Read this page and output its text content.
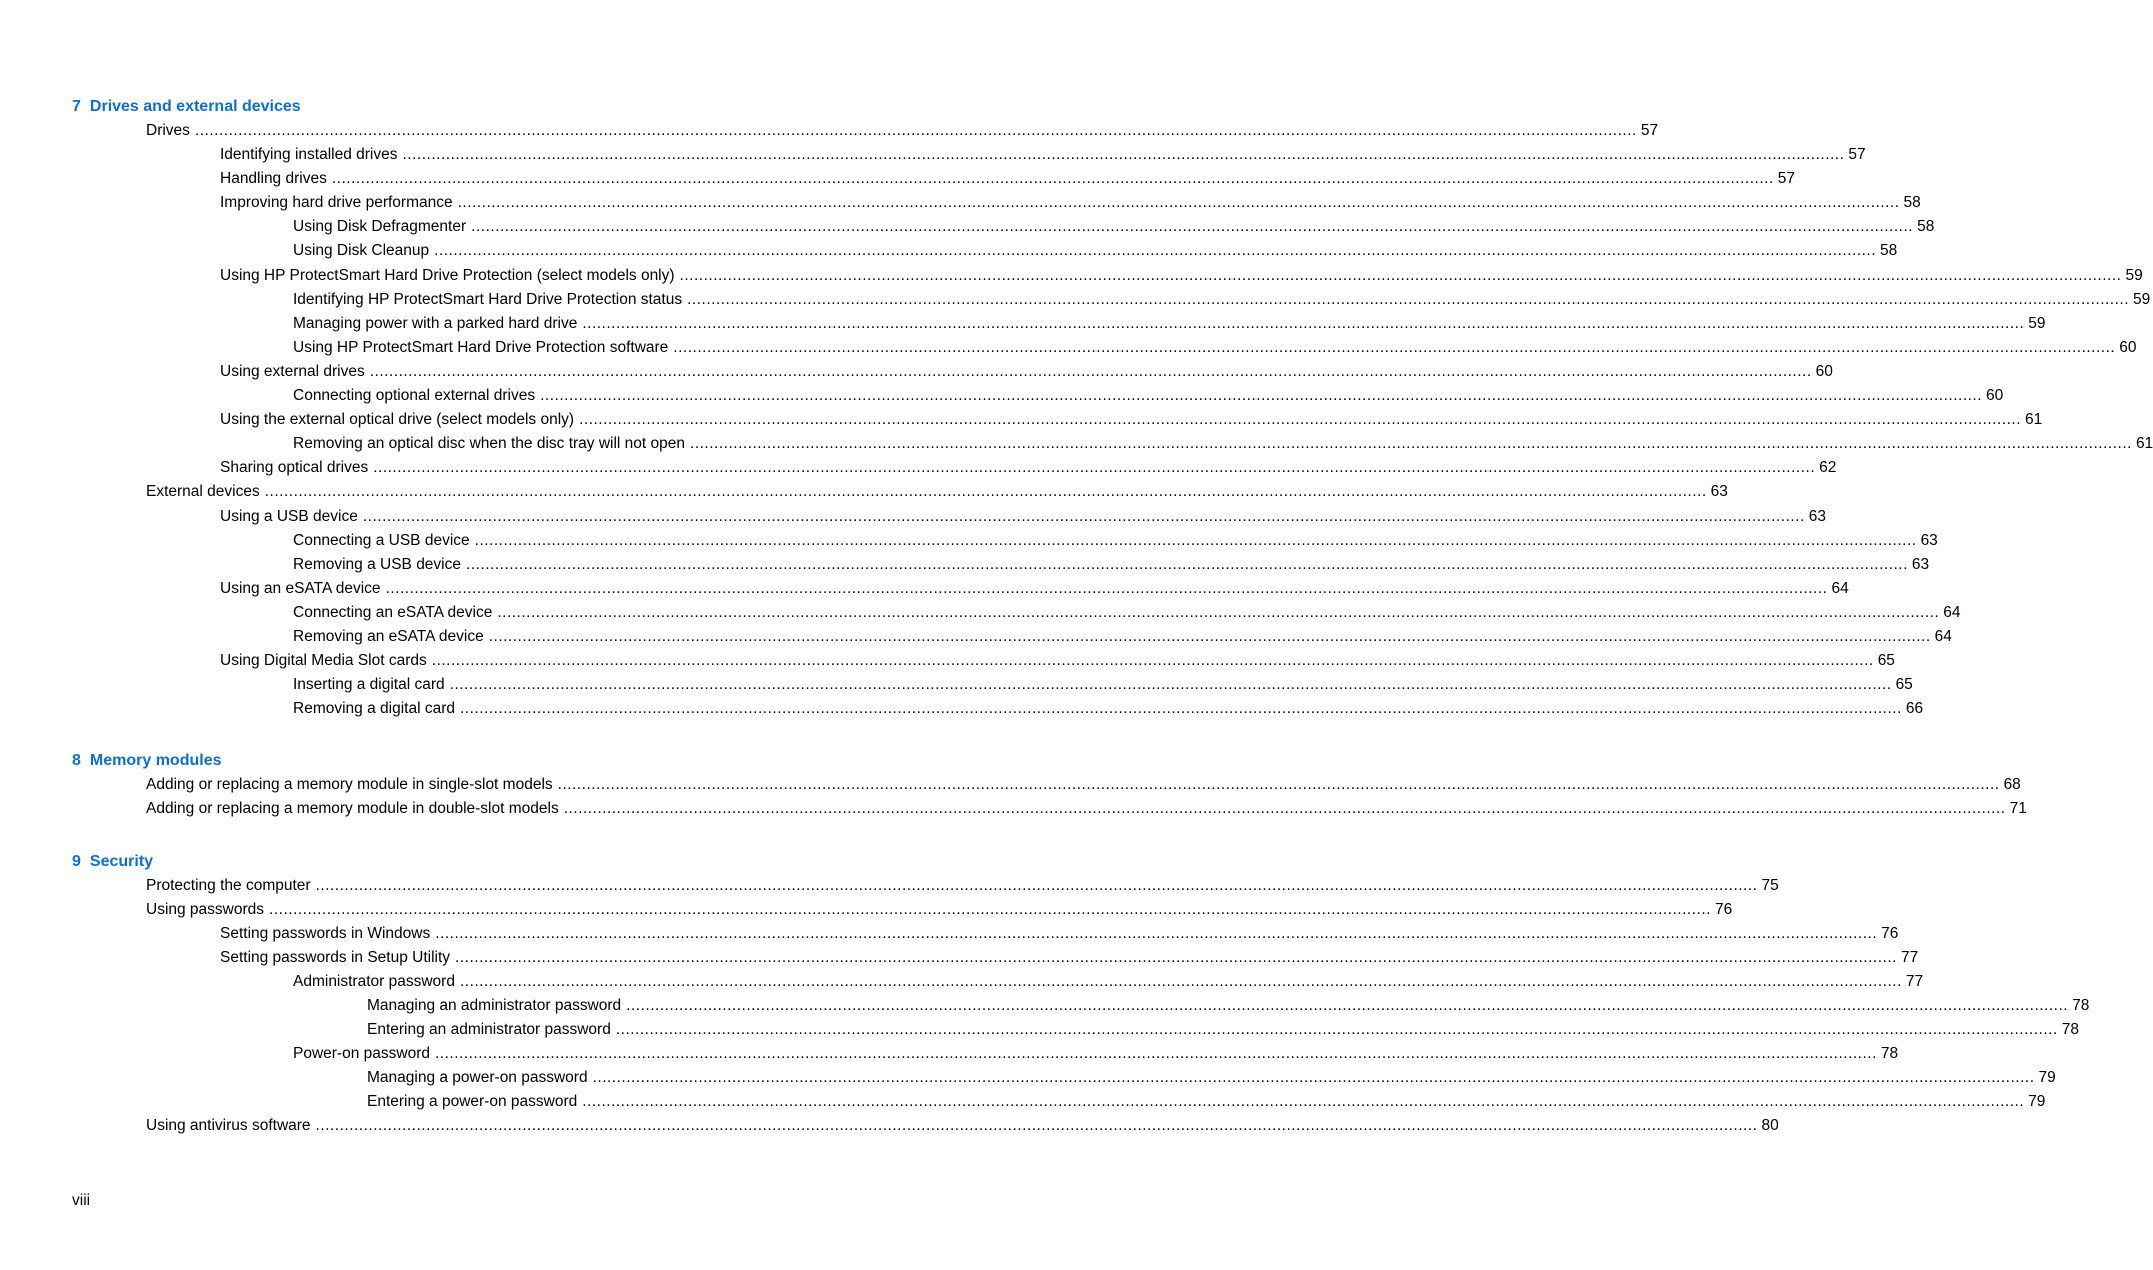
7 Drives and external devices
Drives ............................................................................................................................................................................................................................................................................................................ 57
Identifying installed drives ............................................................................................................................................................................................................................................................................................................ 57
Handling drives ............................................................................................................................................................................................................................................................................................................ 57
Improving hard drive performance ............................................................................................................................................................................................................................................................................................................ 58
Using Disk Defragmenter ............................................................................................................................................................................................................................................................................................................ 58
Using Disk Cleanup ............................................................................................................................................................................................................................................................................................................ 58
Using HP ProtectSmart Hard Drive Protection (select models only) ............................................................................................................................................................................................................................................................................................................ 59
Identifying HP ProtectSmart Hard Drive Protection status ............................................................................................................................................................................................................................................................................................................ 59
Managing power with a parked hard drive ............................................................................................................................................................................................................................................................................................................ 59
Using HP ProtectSmart Hard Drive Protection software ............................................................................................................................................................................................................................................................................................................ 60
Using external drives ............................................................................................................................................................................................................................................................................................................ 60
Connecting optional external drives ............................................................................................................................................................................................................................................................................................................ 60
Using the external optical drive (select models only) ............................................................................................................................................................................................................................................................................................................ 61
Removing an optical disc when the disc tray will not open ............................................................................................................................................................................................................................................................................................................ 61
Sharing optical drives ............................................................................................................................................................................................................................................................................................................ 62
External devices ............................................................................................................................................................................................................................................................................................................ 63
Using a USB device ............................................................................................................................................................................................................................................................................................................ 63
Connecting a USB device ............................................................................................................................................................................................................................................................................................................ 63
Removing a USB device ............................................................................................................................................................................................................................................................................................................ 63
Using an eSATA device ............................................................................................................................................................................................................................................................................................................ 64
Connecting an eSATA device ............................................................................................................................................................................................................................................................................................................ 64
Removing an eSATA device ............................................................................................................................................................................................................................................................................................................ 64
Using Digital Media Slot cards ............................................................................................................................................................................................................................................................................................................ 65
Inserting a digital card ............................................................................................................................................................................................................................................................................................................ 65
Removing a digital card ............................................................................................................................................................................................................................................................................................................ 66
8 Memory modules
Adding or replacing a memory module in single-slot models ............................................................................................................................................................................................................................................................................................................ 68
Adding or replacing a memory module in double-slot models ............................................................................................................................................................................................................................................................................................................ 71
9 Security
Protecting the computer ............................................................................................................................................................................................................................................................................................................ 75
Using passwords ............................................................................................................................................................................................................................................................................................................ 76
Setting passwords in Windows ............................................................................................................................................................................................................................................................................................................ 76
Setting passwords in Setup Utility ............................................................................................................................................................................................................................................................................................................ 77
Administrator password ............................................................................................................................................................................................................................................................................................................ 77
Managing an administrator password ............................................................................................................................................................................................................................................................................................................ 78
Entering an administrator password ............................................................................................................................................................................................................................................................................................................ 78
Power-on password ............................................................................................................................................................................................................................................................................................................ 78
Managing a power-on password ............................................................................................................................................................................................................................................................................................................ 79
Entering a power-on password ............................................................................................................................................................................................................................................................................................................ 79
Using antivirus software ............................................................................................................................................................................................................................................................................................................ 80
viii
